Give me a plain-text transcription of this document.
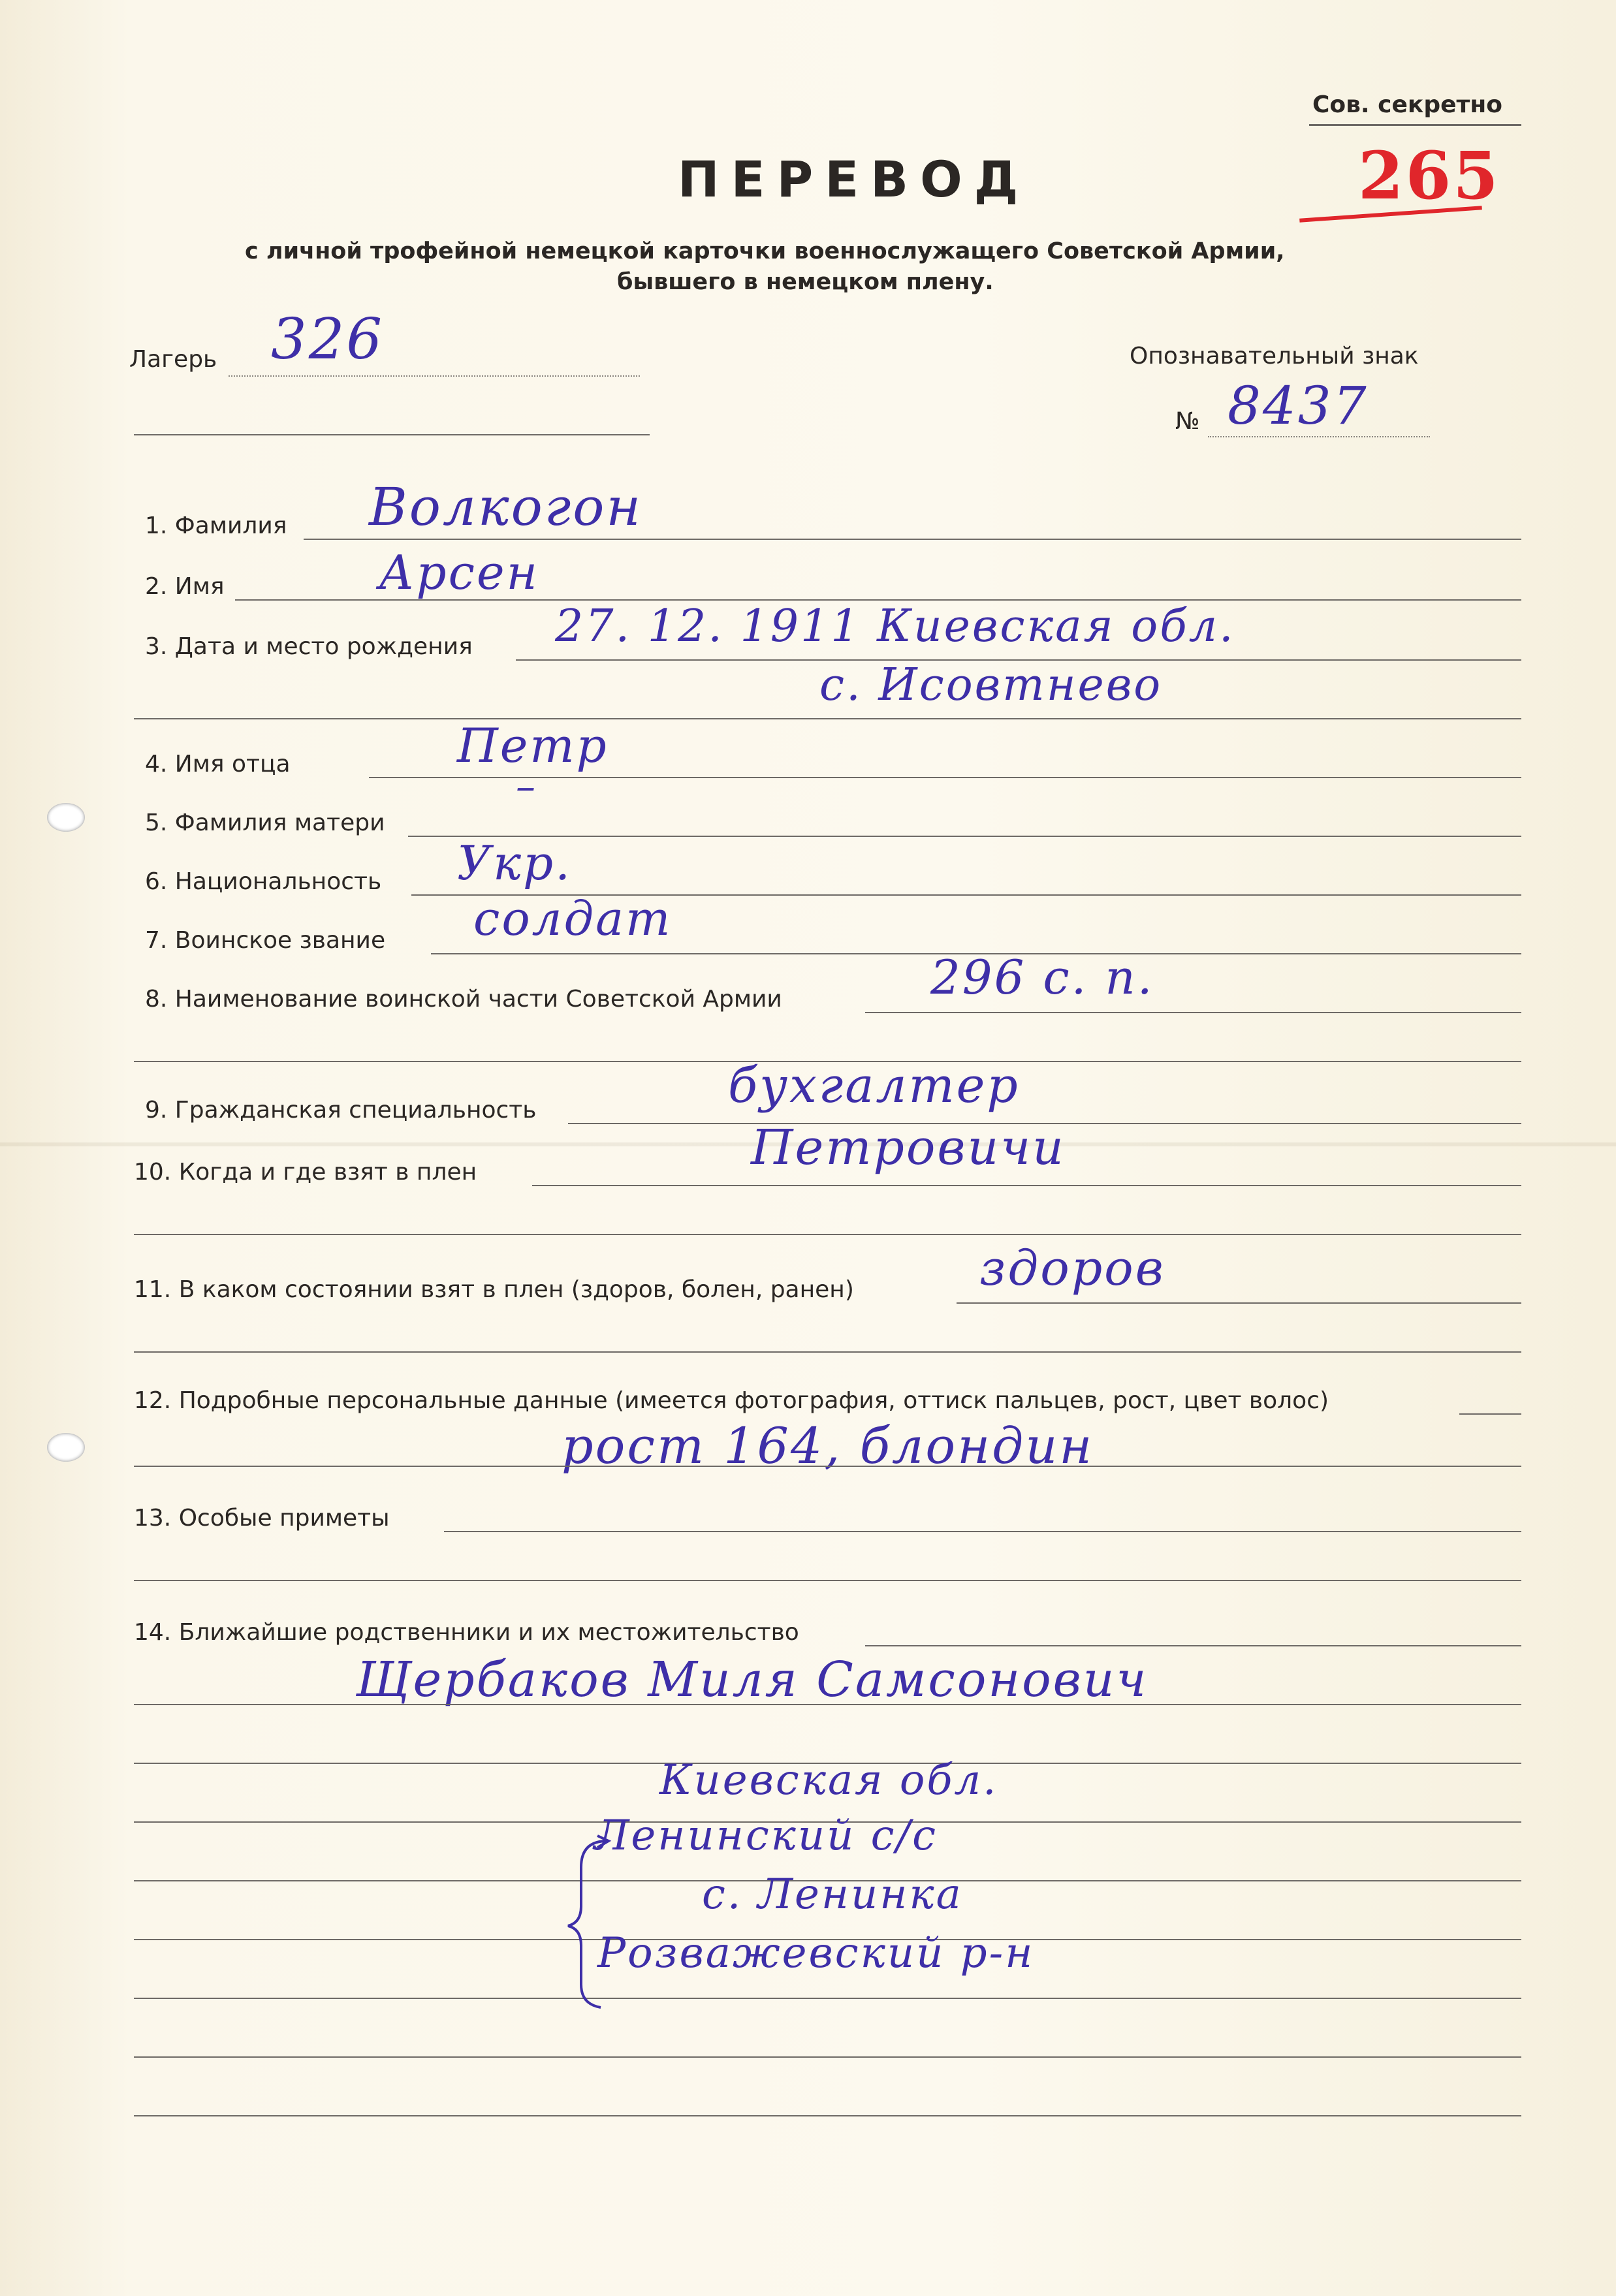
Сов. секретно
265
ПЕРЕВОД
с личной трофейной немецкой карточки военнослужащего Советской Армии,
бывшего в немецком плену.
Лагерь 326	Опознавательный знак
№ 8437
1. Фамилия Волкогон
2. Имя	Арсен
3. Дата и место рождения 27. 12. 1911 Киевская обл.
с. Исовтнево
4. Имя отца	Петр
5. Фамилия матери
–
6. Национальность Укр.
7. Воинское звание солдат
8. Наименование воинской части Советской Армии	296 с. п.
9. Гражданская специальность	бухгалтер
10. Когда и где взят в плен	Петровичи
11. В каком состоянии взят в плен (здоров, болен, ранен)	здоров
12. Подробные персональные данные (имеется фотография, оттиск пальцев, рост, цвет волос)
рост 164, блондин
13. Особые приметы
14. Ближайшие родственники и их местожительство
Щербаков Миля Самсонович
Киевская обл.
Ленинский с/с
с. Ленинка
Розважевский р-н
